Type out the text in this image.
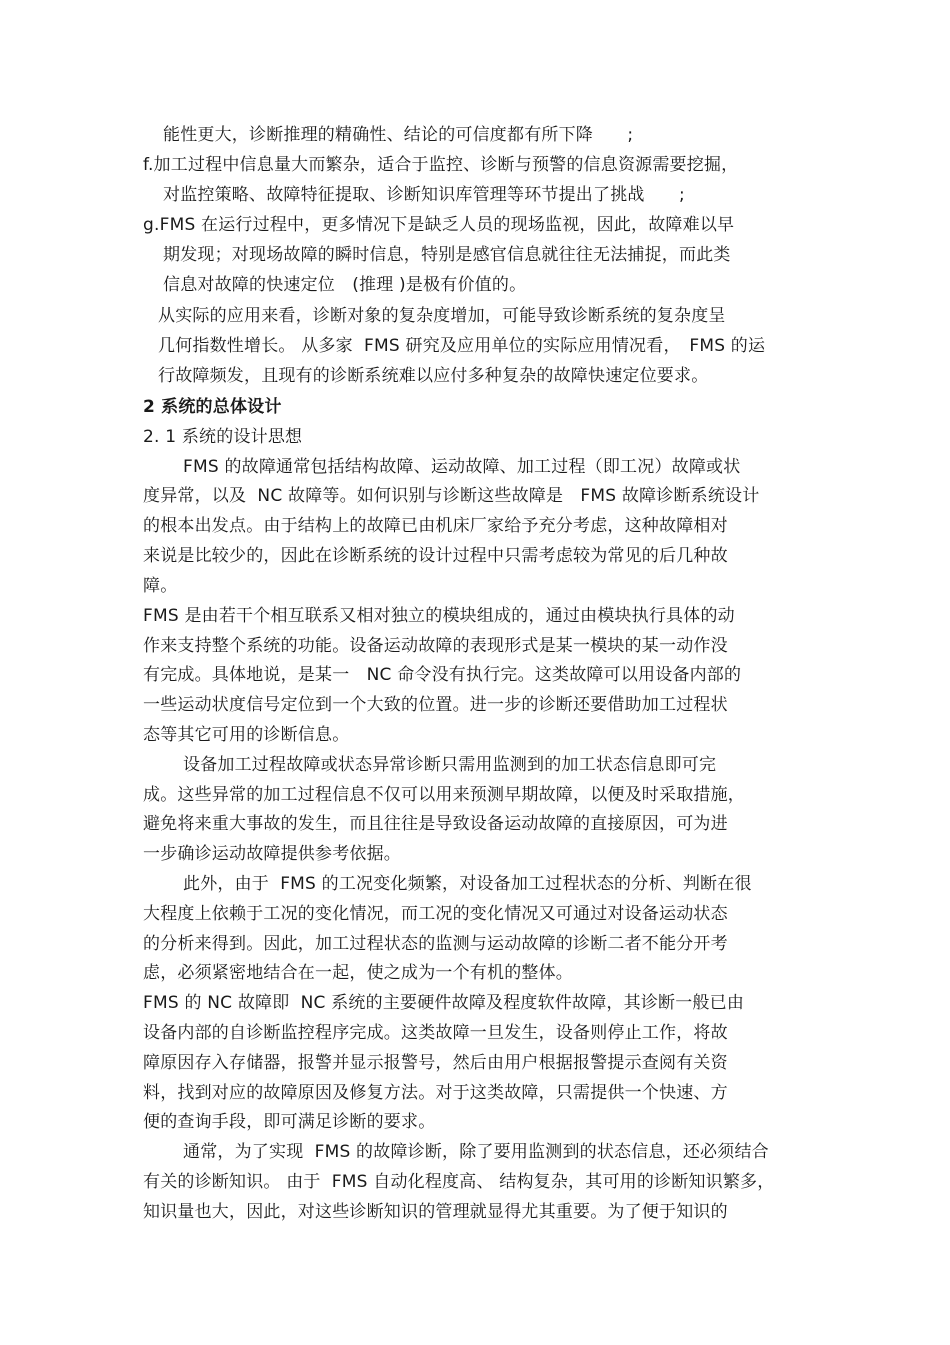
能性更大，诊断推理的精确性、结论的可信度都有所下降　　;
f.加工过程中信息量大而繁杂，适合于监控、诊断与预警的信息资源需要挖掘，
对监控策略、故障特征提取、诊断知识库管理等环节提出了挑战　　;
g.FMS 在运行过程中，更多情况下是缺乏人员的现场监视，因此，故障难以早
期发现；对现场故障的瞬时信息，特别是感官信息就往往无法捕捉，而此类
信息对故障的快速定位　(推理 )是极有价值的。
从实际的应用来看，诊断对象的复杂度增加，可能导致诊断系统的复杂度呈
几何指数性增长。 从多家  FMS 研究及应用单位的实际应用情况看，　FMS 的运
行故障频发，且现有的诊断系统难以应付多种复杂的故障快速定位要求。
2 系统的总体设计
2. 1 系统的设计思想
FMS 的故障通常包括结构故障、运动故障、加工过程（即工况）故障或状
度异常，以及  NC 故障等。如何识别与诊断这些故障是　FMS 故障诊断系统设计
的根本出发点。由于结构上的故障已由机床厂家给予充分考虑，这种故障相对
来说是比较少的，因此在诊断系统的设计过程中只需考虑较为常见的后几种故
障。
FMS 是由若干个相互联系又相对独立的模块组成的，通过由模块执行具体的动
作来支持整个系统的功能。设备运动故障的表现形式是某一模块的某一动作没
有完成。具体地说，是某一　NC 命令没有执行完。这类故障可以用设备内部的
一些运动状度信号定位到一个大致的位置。进一步的诊断还要借助加工过程状
态等其它可用的诊断信息。
设备加工过程故障或状态异常诊断只需用监测到的加工状态信息即可完
成。这些异常的加工过程信息不仅可以用来预测早期故障，以便及时采取措施，
避免将来重大事故的发生，而且往往是导致设备运动故障的直接原因，可为进
一步确诊运动故障提供参考依据。
此外，由于  FMS 的工况变化频繁，对设备加工过程状态的分析、判断在很
大程度上依赖于工况的变化情况，而工况的变化情况又可通过对设备运动状态
的分析来得到。因此，加工过程状态的监测与运动故障的诊断二者不能分开考
虑，必须紧密地结合在一起，使之成为一个有机的整体。
FMS 的 NC 故障即  NC 系统的主要硬件故障及程度软件故障，其诊断一般已由
设备内部的自诊断监控程序完成。这类故障一旦发生，设备则停止工作，将故
障原因存入存储器，报警并显示报警号，然后由用户根据报警提示查阅有关资
料，找到对应的故障原因及修复方法。对于这类故障，只需提供一个快速、方
便的查询手段，即可满足诊断的要求。
通常，为了实现  FMS 的故障诊断，除了要用监测到的状态信息，还必须结合
有关的诊断知识。 由于  FMS 自动化程度高、 结构复杂，其可用的诊断知识繁多，
知识量也大，因此，对这些诊断知识的管理就显得尤其重要。为了便于知识的
